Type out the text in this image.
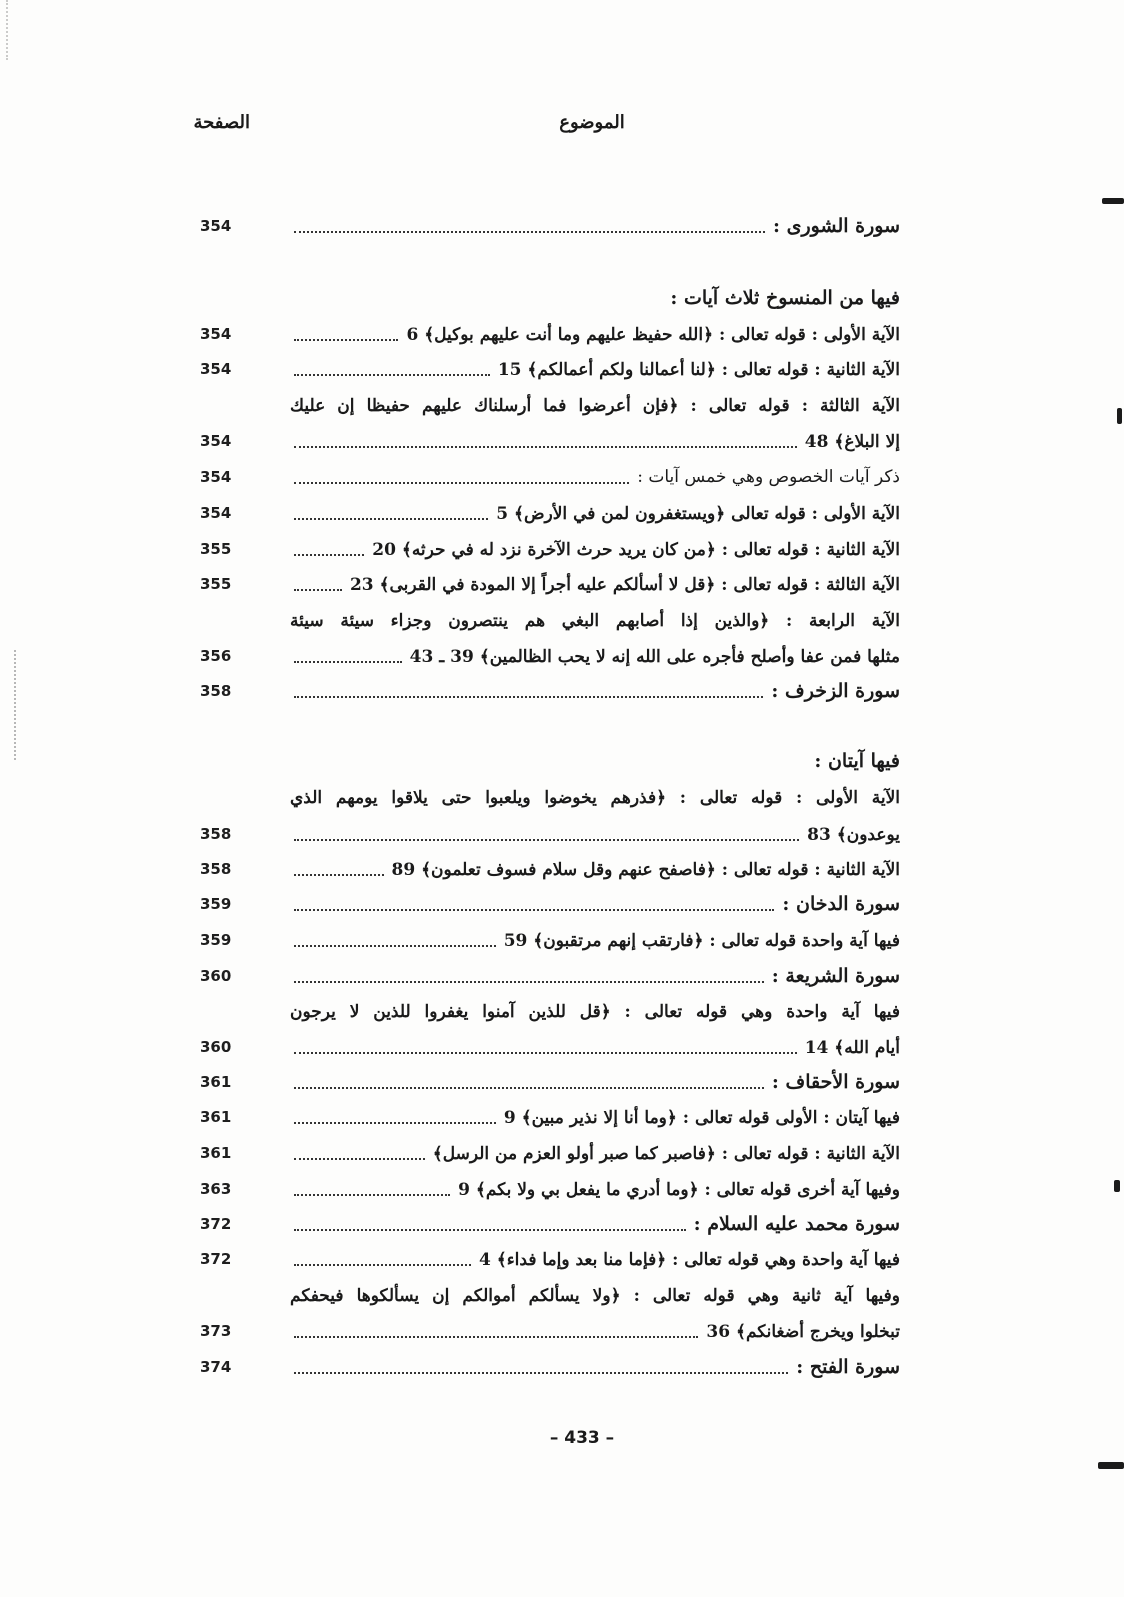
الموضوع
الصفحة
354	سورة الشورى :
فيها من المنسوخ ثلاث آيات :
354	الآية الأولى : قوله تعالى : ﴿الله حفيظ عليهم وما أنت عليهم بوكيل﴾ 6
354	الآية الثانية : قوله تعالى : ﴿لنا أعمالنا ولكم أعمالكم﴾ 15
الآية الثالثة : قوله تعالى : ﴿فإن أعرضوا فما أرسلناك عليهم حفيظا إن عليك
354	إلا البلاغ﴾ 48
354	ذكر آيات الخصوص وهي خمس آيات :
354	الآية الأولى : قوله تعالى ﴿ويستغفرون لمن في الأرض﴾ 5
355	الآية الثانية : قوله تعالى : ﴿من كان يريد حرث الآخرة نزد له في حرثه﴾ 20
355	الآية الثالثة : قوله تعالى : ﴿قل لا أسألكم عليه أجراً إلا المودة في القربى﴾ 23
الآية الرابعة : ﴿والذين إذا أصابهم البغي هم ينتصرون وجزاء سيئة سيئة
356	مثلها فمن عفا وأصلح فأجره على الله إنه لا يحب الظالمين﴾ 39 ـ 43
358	سورة الزخرف :
فيها آيتان :
الآية الأولى : قوله تعالى : ﴿فذرهم يخوضوا ويلعبوا حتى يلاقوا يومهم الذي
358	يوعدون﴾ 83
358	الآية الثانية : قوله تعالى : ﴿فاصفح عنهم وقل سلام فسوف تعلمون﴾ 89
359	سورة الدخان :
359	فيها آية واحدة قوله تعالى : ﴿فارتقب إنهم مرتقبون﴾ 59
360	سورة الشريعة :
فيها آية واحدة وهي قوله تعالى : ﴿قل للذين آمنوا يغفروا للذين لا يرجون
360	أيام الله﴾ 14
361	سورة الأحقاف :
361	فيها آيتان : الأولى قوله تعالى : ﴿وما أنا إلا نذير مبين﴾ 9
361	الآية الثانية : قوله تعالى : ﴿فاصبر كما صبر أولو العزم من الرسل﴾
363	وفيها آية أخرى قوله تعالى : ﴿وما أدري ما يفعل بي ولا بكم﴾ 9
372	سورة محمد عليه السلام :
372	فيها آية واحدة وهي قوله تعالى : ﴿فإما منا بعد وإما فداء﴾ 4
وفيها آية ثانية وهي قوله تعالى : ﴿ولا يسألكم أموالكم إن يسألكوها فيحفكم
373	تبخلوا ويخرج أضغانكم﴾ 36
374	سورة الفتح :
– 433 –
